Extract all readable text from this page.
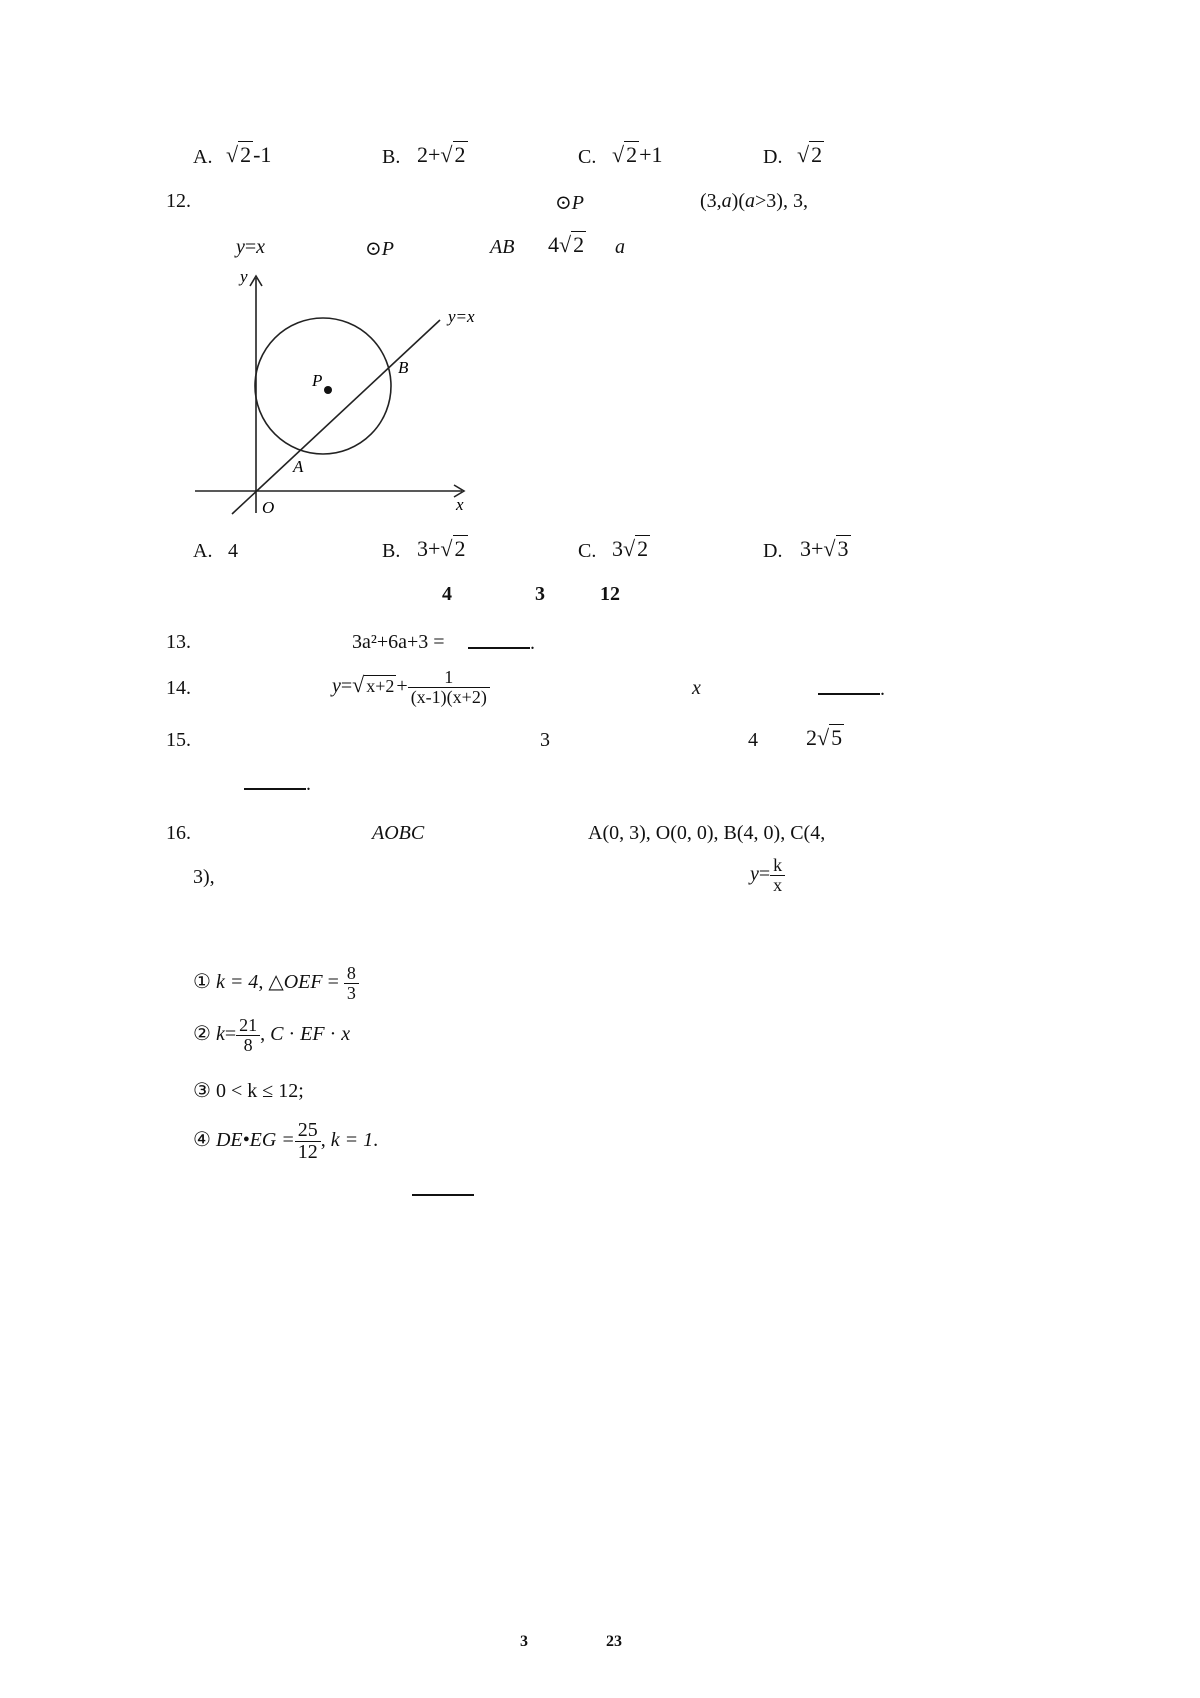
A. √2-1	B. 2+√2	C. √2+1	D. √2
12.	⊙P	(3,a)(a>3), 3,
y=x	⊙P	AB 4√2 a
P
B
A
O	x
y
y=x
A. 4	B. 3+√2	C. 3√2	D. 3+√3
4	3	12
13.	3a²+6a+3 =	.
14.	y=√ $x+2 + \frac{1}{(x-1)(x+2)}$	x	.
15.	3	4 2√5
.
16.	AOBC	A(0, 3), O(0, 0), B(4, 0), C(4,
3),	$y= \frac{k}{x}$
① k = 4, △OEF = $\frac{8}{3}$
② $k= \frac{21}{8}$ , C · EF · x
③ 0 < k ≤ 12;
④ DE•EG = $\frac{25}{12}$ , k = 1.
3	23
